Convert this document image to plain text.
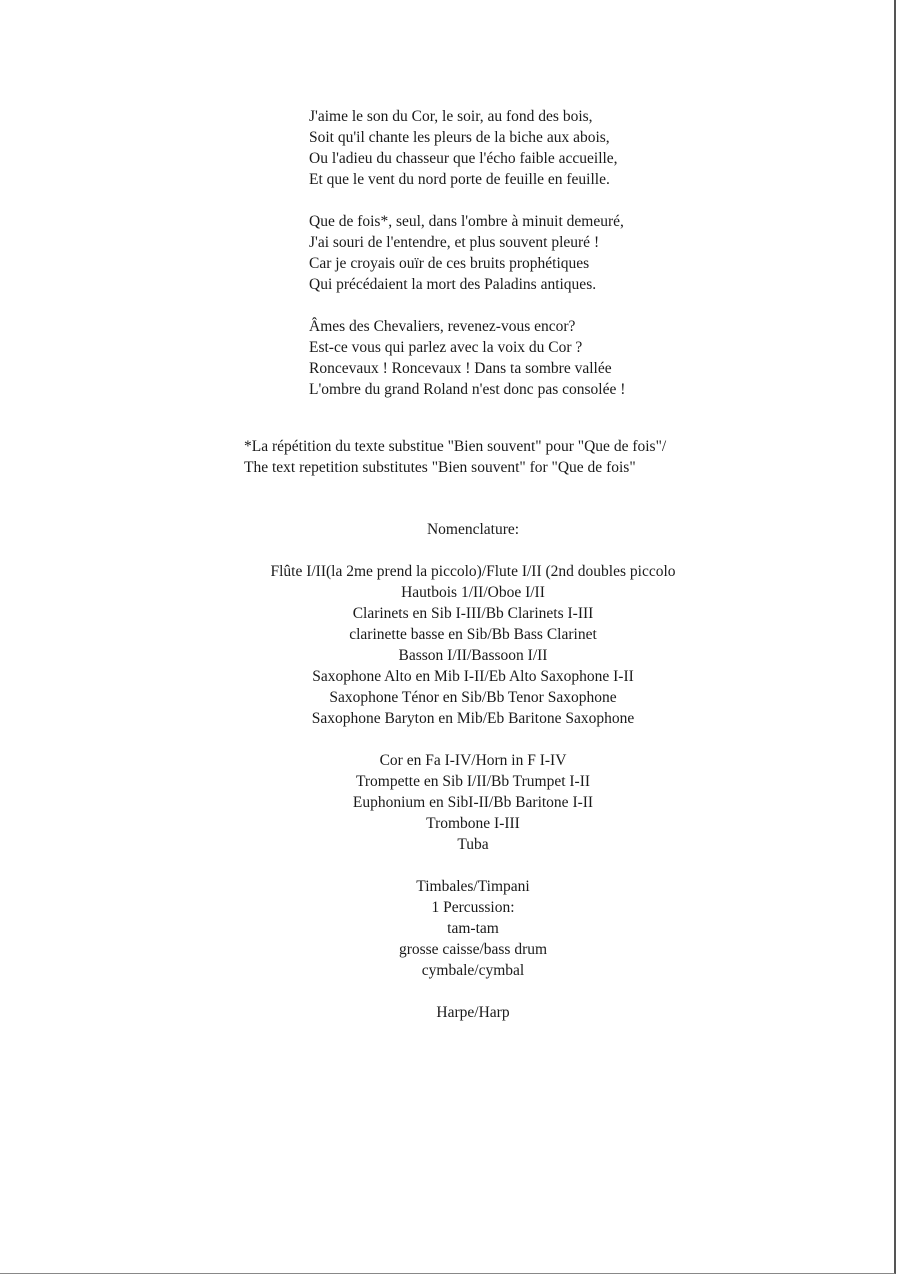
J'aime le son du Cor, le soir, au fond des bois,
Soit qu'il chante les pleurs de la biche aux abois,
Ou l'adieu du chasseur que l'écho faible accueille,
Et que le vent du nord porte de feuille en feuille.
Que de fois*, seul, dans l'ombre à minuit demeuré,
J'ai souri de l'entendre, et plus souvent pleuré !
Car je croyais ouïr de ces bruits prophétiques
Qui précédaient la mort des Paladins antiques.
Âmes des Chevaliers, revenez-vous encor?
Est-ce vous qui parlez avec la voix du Cor ?
Roncevaux ! Roncevaux ! Dans ta sombre vallée
L'ombre du grand Roland n'est donc pas consolée !
*La répétition du texte substitue "Bien souvent" pour "Que de fois"/
The text repetition substitutes "Bien souvent" for "Que de fois"
Nomenclature:
Flûte I/II(la 2me prend la piccolo)/Flute I/II (2nd doubles piccolo
Hautbois 1/II/Oboe I/II
Clarinets en Sib I-III/Bb Clarinets I-III
clarinette basse en Sib/Bb Bass Clarinet
Basson I/II/Bassoon I/II
Saxophone Alto en Mib I-II/Eb Alto Saxophone I-II
Saxophone Ténor en Sib/Bb Tenor Saxophone
Saxophone Baryton en Mib/Eb Baritone Saxophone
Cor en Fa I-IV/Horn in F I-IV
Trompette en Sib I/II/Bb Trumpet I-II
Euphonium en SibI-II/Bb Baritone I-II
Trombone I-III
Tuba
Timbales/Timpani
1 Percussion:
tam-tam
grosse caisse/bass drum
cymbale/cymbal
Harpe/Harp
